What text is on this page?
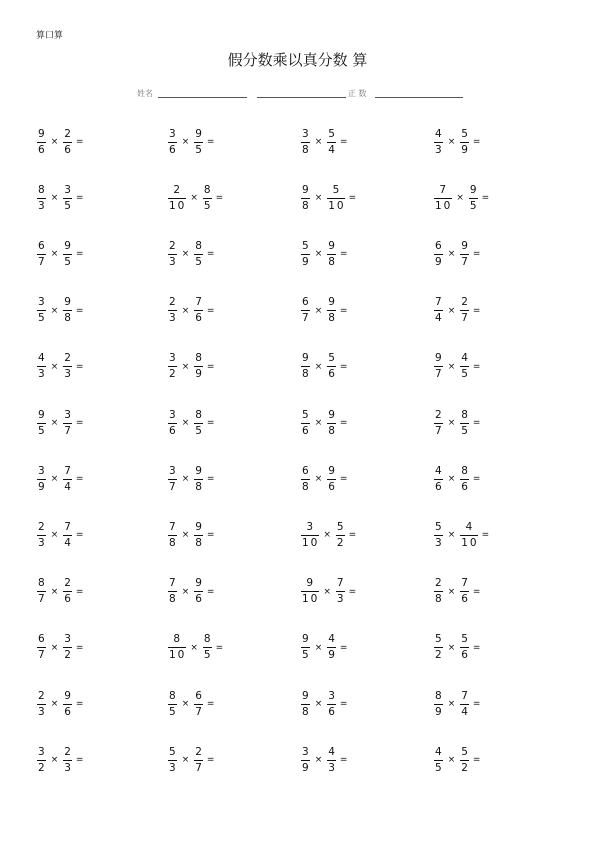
算口算
假分数乘以真分数 算
姓名	正 数
$\frac{9}{6} \times \frac{2}{6}$ =	$\frac{3}{6} \times \frac{9}{5}$ =	$\frac{3}{8} \times \frac{5}{4}$ =	$\frac{4}{3} \times \frac{5}{9}$ =
$\frac{8}{3} \times \frac{3}{5}$ =	$\frac{2}{10} \times \frac{8}{5}$ =	$\frac{9}{8} \times \frac{5}{10}$ =	$\frac{7}{10} \times \frac{9}{5}$ =
$\frac{6}{7} \times \frac{9}{5}$ =	$\frac{2}{3} \times \frac{8}{5}$ =	$\frac{5}{9} \times \frac{9}{8}$ =	$\frac{6}{9} \times \frac{9}{7}$ =
$\frac{3}{5} \times \frac{9}{8}$ =	$\frac{2}{3} \times \frac{7}{6}$ =	$\frac{6}{7} \times \frac{9}{8}$ =	$\frac{7}{4} \times \frac{2}{7}$ =
$\frac{4}{3} \times \frac{2}{3}$ =	$\frac{3}{2} \times \frac{8}{9}$ =	$\frac{9}{8} \times \frac{5}{6}$ =	$\frac{9}{7} \times \frac{4}{5}$ =
$\frac{9}{5} \times \frac{3}{7}$ =	$\frac{3}{6} \times \frac{8}{5}$ =	$\frac{5}{6} \times \frac{9}{8}$ =	$\frac{2}{7} \times \frac{8}{5}$ =
$\frac{3}{9} \times \frac{7}{4}$ =	$\frac{3}{7} \times \frac{9}{8}$ =	$\frac{6}{8} \times \frac{9}{6}$ =	$\frac{4}{6} \times \frac{8}{6}$ =
$\frac{2}{3} \times \frac{7}{4}$ =	$\frac{7}{8} \times \frac{9}{8}$ =	$\frac{3}{10} \times \frac{5}{2}$ =	$\frac{5}{3} \times \frac{4}{10}$ =
$\frac{8}{7} \times \frac{2}{6}$ =	$\frac{7}{8} \times \frac{9}{6}$ =	$\frac{9}{10} \times \frac{7}{3}$ =	$\frac{2}{8} \times \frac{7}{6}$ =
$\frac{6}{7} \times \frac{3}{2}$ =	$\frac{8}{10} \times \frac{8}{5}$ =	$\frac{9}{5} \times \frac{4}{9}$ =	$\frac{5}{2} \times \frac{5}{6}$ =
$\frac{2}{3} \times \frac{9}{6}$ =	$\frac{8}{5} \times \frac{6}{7}$ =	$\frac{9}{8} \times \frac{3}{6}$ =	$\frac{8}{9} \times \frac{7}{4}$ =
$\frac{3}{2} \times \frac{2}{3}$ =	$\frac{5}{3} \times \frac{2}{7}$ =	$\frac{3}{9} \times \frac{4}{3}$ =	$\frac{4}{5} \times \frac{5}{2}$ =
